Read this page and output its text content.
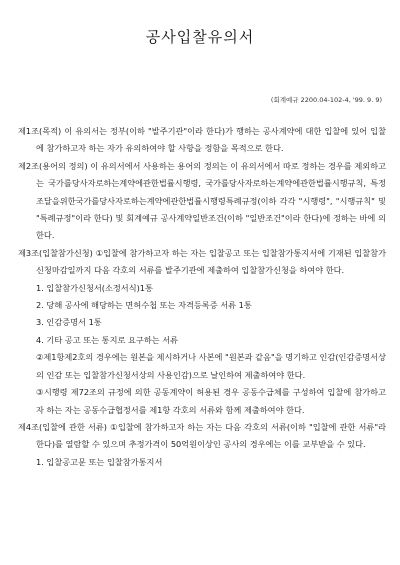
공사입찰유의서
(회계예규 2200.04-102-4, '99. 9. 9)

제1조(목적) 이 유의서는 정부(이하 "발주기관"이라 한다)가 행하는 공사계약에 대한 입찰에 있어 입찰에 참가하고자 하는 자가 유의하여야 할 사항을 정함을 목적으로 한다.

제2조(용어의 정의) 이 유의서에서 사용하는 용어의 정의는 이 유의서에서 따로 정하는 경우를 제외하고는 국가를당사자로하는계약에관한법률시행령, 국가를당사자로하는계약에관한법률시행규칙, 특정조달을위한국가를당사자로하는계약에관한법률시행령특례규정(이하 각각 "시행령", "시행규칙" 및 "특례규정"이라 한다) 및 회계예규 공사계약일반조건(이하 "일반조건"이라 한다)에 정하는 바에 의한다.

제3조(입찰참가신청) ①입찰에 참가하고자 하는 자는 입찰공고 또는 입찰참가통지서에 기재된 입찰참가신청마감일까지 다음 각호의 서류를 발주기관에 제출하여 입찰참가신청을 하여야 한다.

1. 입찰참가신청서(소정서식)1통

2. 당해 공사에 해당하는 면허수첩 또는 자격등록증 서류 1통

3. 인감증명서 1통

4. 기타 공고 또는 통지로 요구하는 서류

②제1항제2호의 경우에는 원본을 제시하거나 사본에 "원본과 같음"을 명기하고 인감(인감증명서상의 인감 또는 입찰참가신청서상의 사용인감)으로 날인하여 제출하여야 한다.

③시행령 제72조의 규정에 의한 공동계약이 허용된 경우 공동수급체를 구성하여 입찰에 참가하고자 하는 자는 공동수급협정서를 제1항 각호의 서류와 함께 제출하여야 한다.

제4조(입찰에 관한 서류) ①입찰에 참가하고자 하는 자는 다음 각호의 서류(이하 "입찰에 관한 서류"라 한다)를 열람할 수 있으며 추정가격이 50억원이상인 공사의 경우에는 이를 교부받을 수 있다.

1. 입찰공고문 또는 입찰참가통지서
